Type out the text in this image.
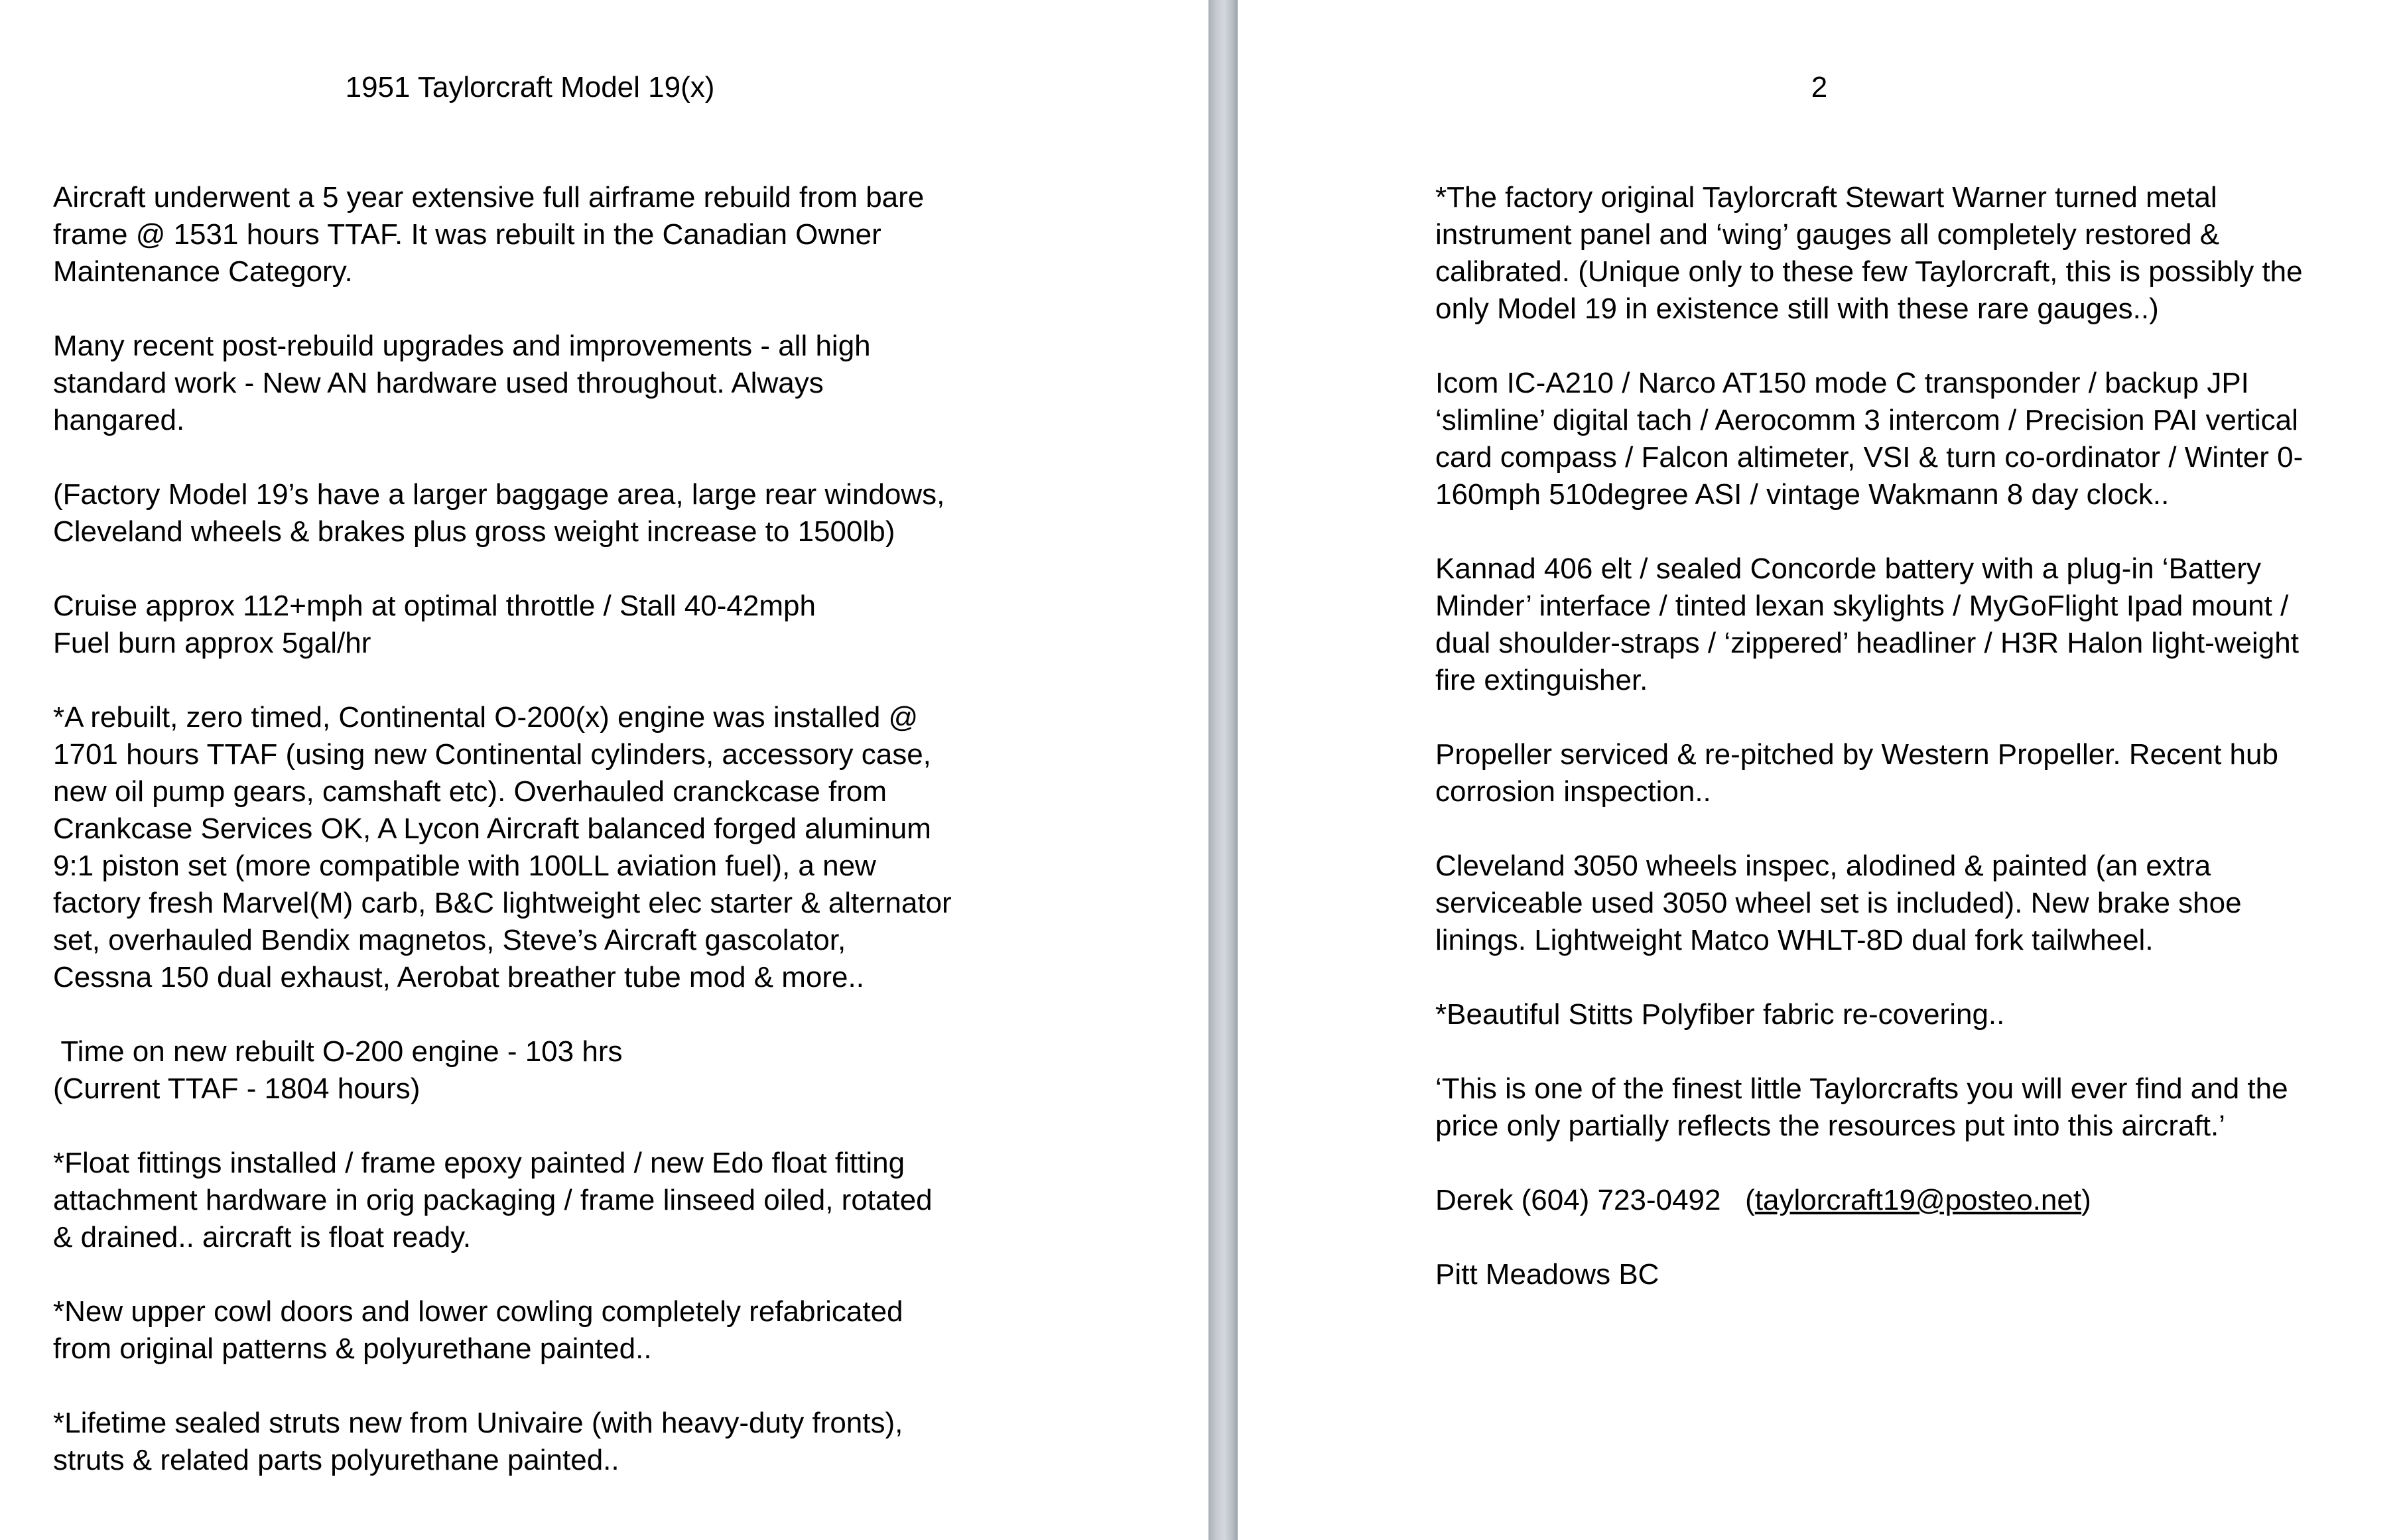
1951 Taylorcraft Model 19(x)

Aircraft underwent a 5 year extensive full airframe rebuild from bare
frame @ 1531 hours TTAF. It was rebuilt in the Canadian Owner
Maintenance Category.

Many recent post-rebuild upgrades and improvements - all high
standard work - New AN hardware used throughout. Always
hangared.

(Factory Model 19’s have a larger baggage area, large rear windows,
Cleveland wheels & brakes plus gross weight increase to 1500lb)

Cruise approx 112+mph at optimal throttle / Stall 40-42mph
Fuel burn approx 5gal/hr

*A rebuilt, zero timed, Continental O-200(x) engine was installed @
1701 hours TTAF (using new Continental cylinders, accessory case,
new oil pump gears, camshaft etc). Overhauled cranckcase from
Crankcase Services OK, A Lycon Aircraft balanced forged aluminum
9:1 piston set (more compatible with 100LL aviation fuel), a new
factory fresh Marvel(M) carb, B&C lightweight elec starter & alternator
set, overhauled Bendix magnetos, Steve’s Aircraft gascolator,
Cessna 150 dual exhaust, Aerobat breather tube mod & more..

Time on new rebuilt O-200 engine - 103 hrs
(Current TTAF - 1804 hours)

*Float fittings installed / frame epoxy painted / new Edo float fitting
attachment hardware in orig packaging / frame linseed oiled, rotated
& drained.. aircraft is float ready.

*New upper cowl doors and lower cowling completely refabricated
from original patterns & polyurethane painted..

*Lifetime sealed struts new from Univaire (with heavy-duty fronts),
struts & related parts polyurethane painted..

2

*The factory original Taylorcraft Stewart Warner turned metal
instrument panel and ‘wing’ gauges all completely restored &
calibrated. (Unique only to these few Taylorcraft, this is possibly the
only Model 19 in existence still with these rare gauges..)

Icom IC-A210 / Narco AT150 mode C transponder / backup JPI
‘slimline’ digital tach / Aerocomm 3 intercom / Precision PAI vertical
card compass / Falcon altimeter, VSI & turn co-ordinator / Winter 0-
160mph 510degree ASI / vintage Wakmann 8 day clock..

Kannad 406 elt / sealed Concorde battery with a plug-in ‘Battery
Minder’ interface / tinted lexan skylights / MyGoFlight Ipad mount /
dual shoulder-straps / ‘zippered’ headliner / H3R Halon light-weight
fire extinguisher.

Propeller serviced & re-pitched by Western Propeller. Recent hub
corrosion inspection..

Cleveland 3050 wheels inspec, alodined & painted (an extra
serviceable used 3050 wheel set is included). New brake shoe
linings. Lightweight Matco WHLT-8D dual fork tailwheel.

*Beautiful Stitts Polyfiber fabric re-covering..

‘This is one of the finest little Taylorcrafts you will ever find and the
price only partially reflects the resources put into this aircraft.’

Derek (604) 723-0492   (taylorcraft19@posteo.net)

Pitt Meadows BC
